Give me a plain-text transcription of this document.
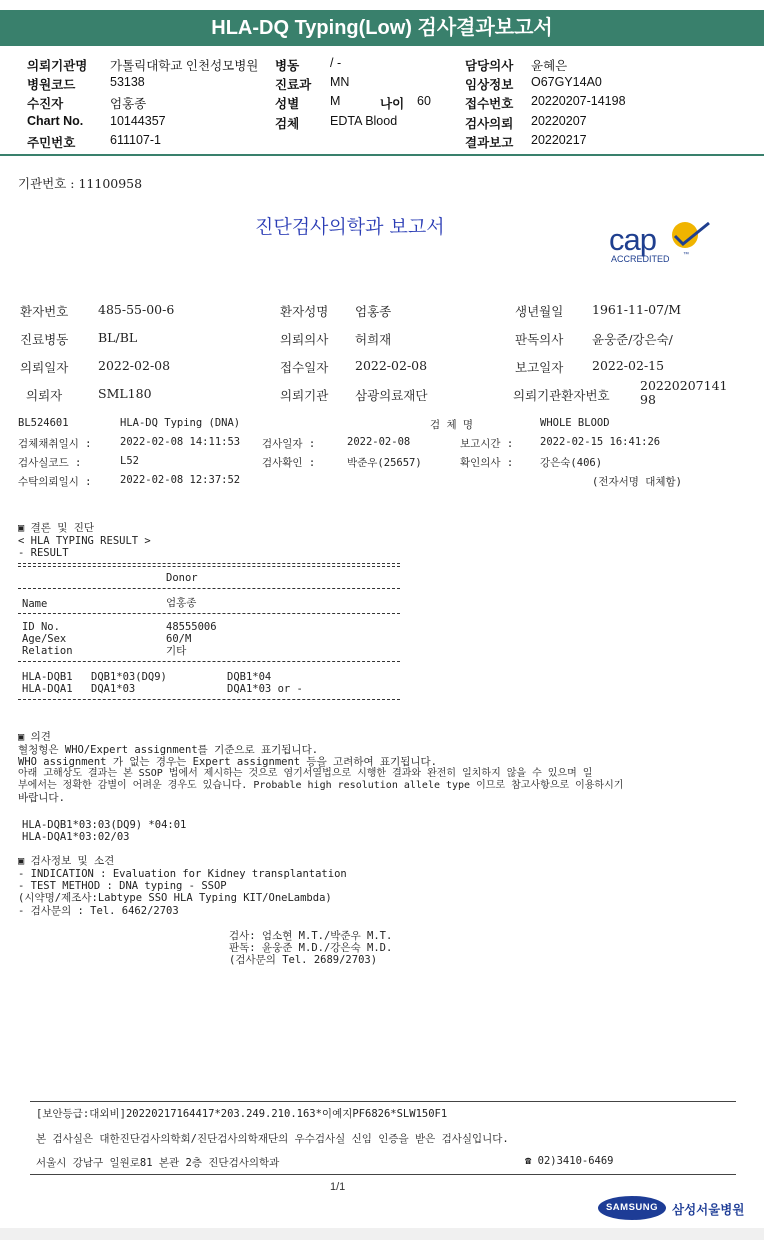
HLA-DQ Typing(Low) 검사결과보고서
의뢰기관명 가톨릭대학교 인천성모병원 병동 / -	담당의사 윤혜은
병원코드	53138	진료과 MN	임상정보 O67GY14A0
수진자	엄홍종	성별 M	나이 60	접수번호 20220207-14198
Chart No. 10144357	검체 EDTA Blood	검사의뢰 20220207
주민번호	611107-1	결과보고 20220217
기관번호 : 11100958
진단검사의학과 보고서	cap
ACCREDITED ™
환자번호 485-55-00-6	환자성명 엄홍종	생년월일 1961-11-07/M
진료병동 BL/BL	의뢰의사 허희재	판독의사 윤웅준/강은숙/
의뢰일자 2022-02-08	접수일자 2022-02-08	보고일자 2022-02-15
의뢰자	SML180	의뢰기관 삼광의료재단	의뢰기관환자번호
2022020714198
BL524601	HLA-DQ Typing (DNA)	검 체 명	WHOLE BLOOD
검체채취일시 :	2022-02-08 14:11:53 검사일자 :	2022-02-08	보고시간 :	2022-02-15 16:41:26
검사실코드 :	L52	검사확인 :	박준우(25657)	확인의사 :	강은숙(406)
수탁의뢰일시 :	2022-02-08 12:37:52	(전자서명 대체함)
▣ 결론 및 진단
< HLA TYPING RESULT >
- RESULT
Donor
Name	엄홍종
ID No.	48555006
Age/Sex	60/M
Relation	기타
HLA-DQB1 DQB1*03(DQ9)	DQB1*04
HLA-DQA1 DQA1*03	DQA1*03 or -
▣ 의견
혈청형은 WHO/Expert assignment를 기준으로 표기됩니다.
WHO assignment 가 없는 경우는 Expert assignment 등을 고려하여 표기됩니다.
아래 고해상도 결과는 본 SSOP 법에서 제시하는 것으로 염기서열법으로 시행한 결과와 완전히 일치하지 않을 수 있으며 일
부에서는 정확한 감별이 어려운 경우도 있습니다. Probable high resolution allele type 이므로 참고사항으로 이용하시기
바랍니다.
HLA-DQB1*03:03(DQ9) *04:01
HLA-DQA1*03:02/03
▣ 검사정보 및 소견
- INDICATION : Evaluation for Kidney transplantation
- TEST METHOD : DNA typing - SSOP
(시약명/제조사:Labtype SSO HLA Typing KIT/OneLambda)
- 검사문의 : Tel. 6462/2703
검사: 엄소현 M.T./박준우 M.T.
판독: 윤웅준 M.D./강은숙 M.D.
(검사문의 Tel. 2689/2703)
[보안등급:대외비]20220217164417*203.249.210.163*이예지PF6826*SLW150F1
본 검사실은 대한진단검사의학회/진단검사의학재단의 우수검사실 신임 인증을 받은 검사실입니다.
서울시 강남구 일원로81 본관 2층 진단검사의학과	☎ 02)3410-6469
1/1
SAMSUNG	삼성서울병원
